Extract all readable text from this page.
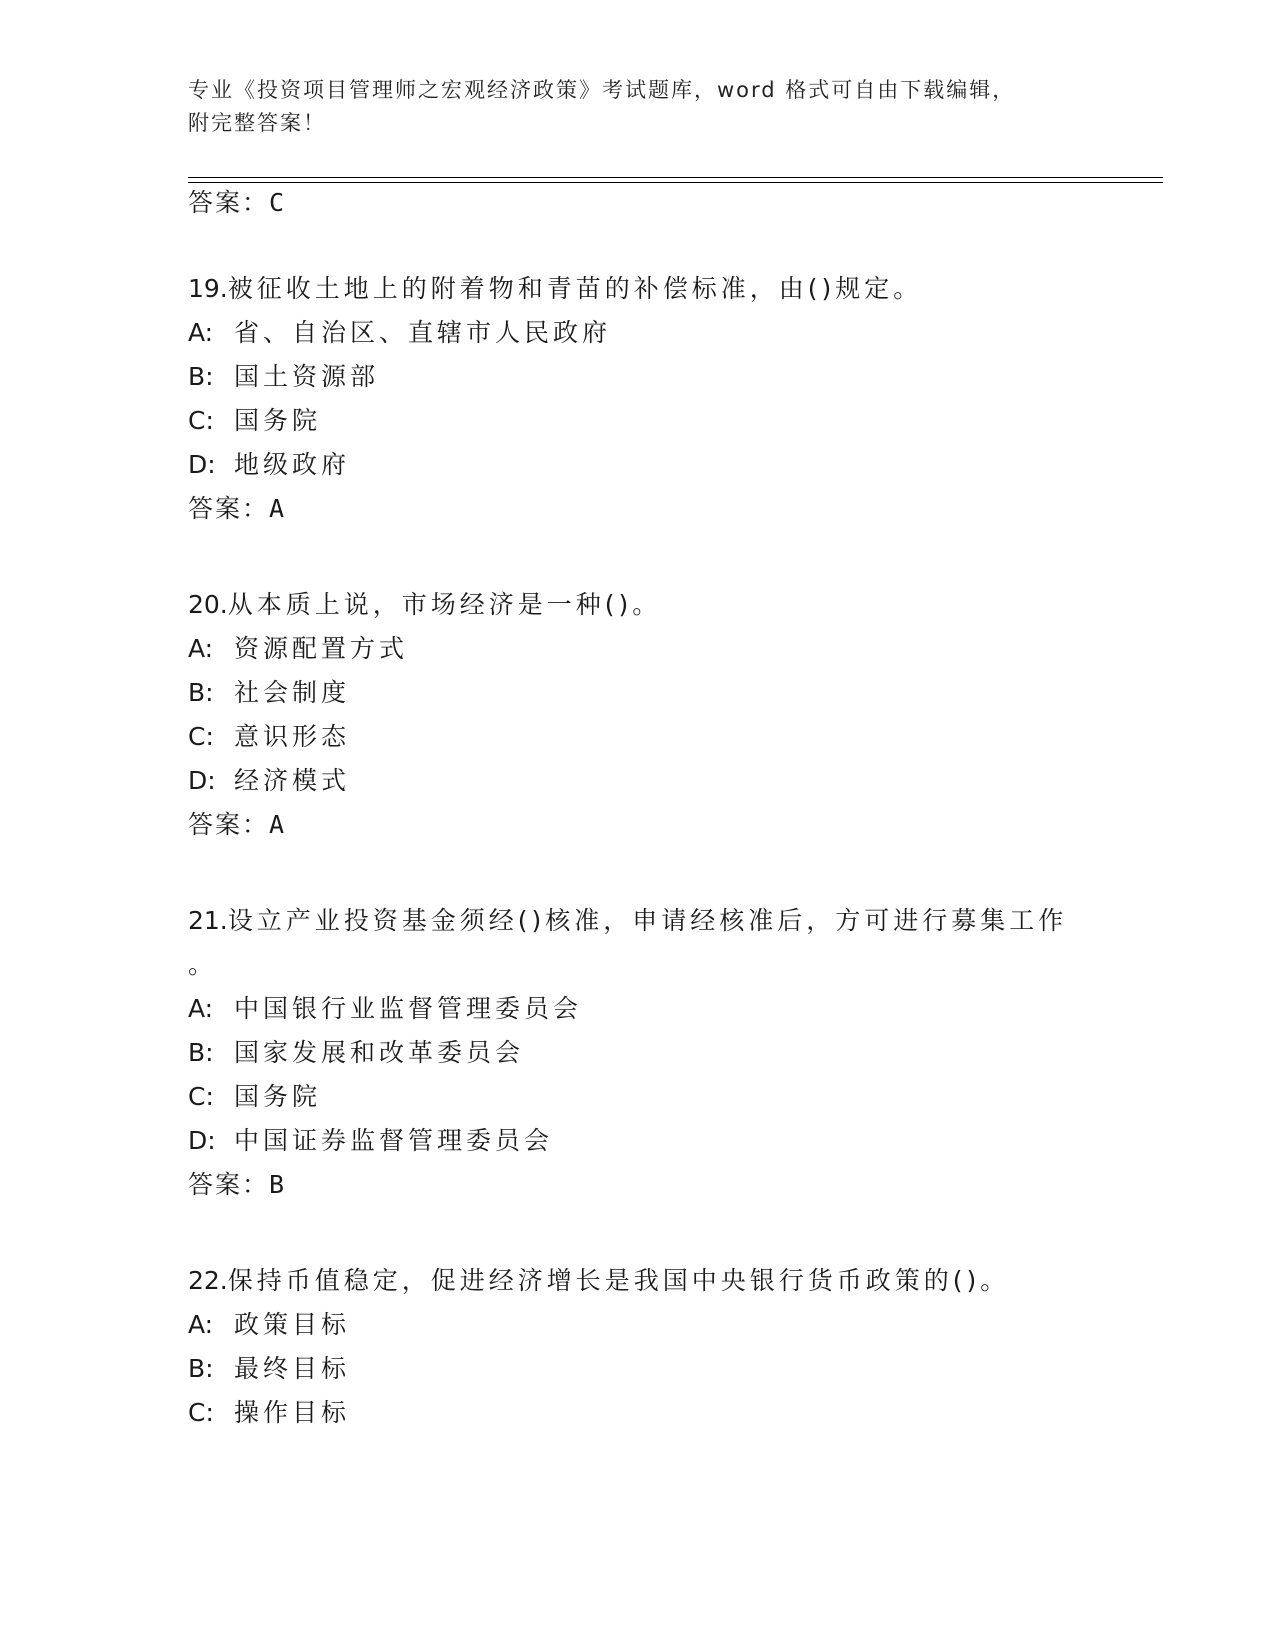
专业《投资项目管理师之宏观经济政策》考试题库，word 格式可自由下载编辑，
附完整答案！
答案：C
19.被征收土地上的附着物和青苗的补偿标准，由()规定。
A: 省、自治区、直辖市人民政府
B: 国土资源部
C: 国务院
D: 地级政府
答案：A
20.从本质上说，市场经济是一种()。
A: 资源配置方式
B: 社会制度
C: 意识形态
D: 经济模式
答案：A
21.设立产业投资基金须经()核准，申请经核准后，方可进行募集工作
。
A: 中国银行业监督管理委员会
B: 国家发展和改革委员会
C: 国务院
D: 中国证券监督管理委员会
答案：B
22.保持币值稳定，促进经济增长是我国中央银行货币政策的()。
A: 政策目标
B: 最终目标
C: 操作目标
